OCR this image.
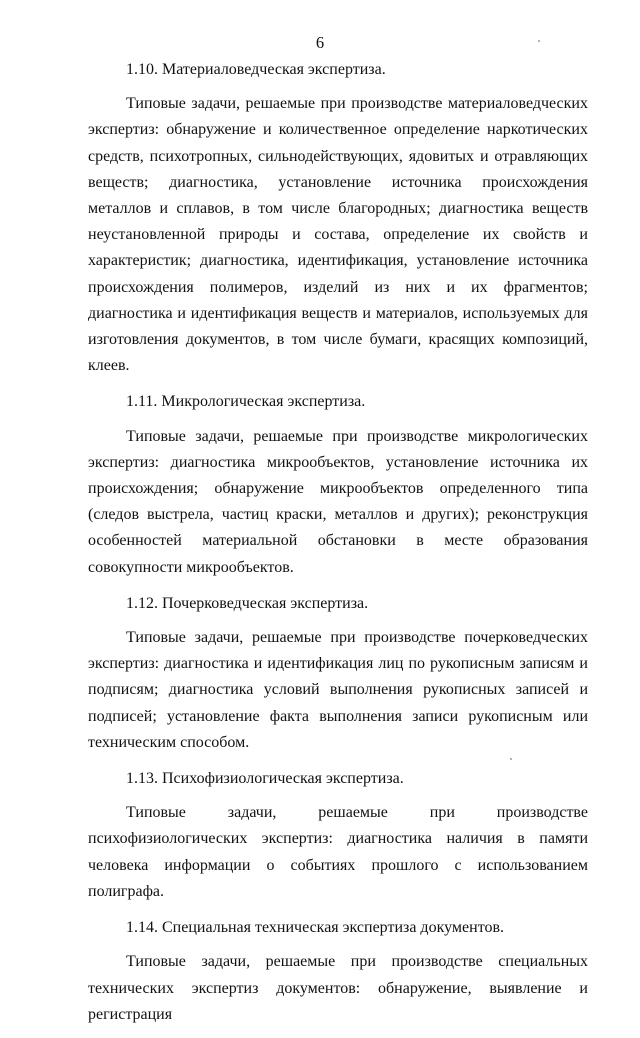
6

1.10. Материаловедческая экспертиза.

Типовые задачи, решаемые при производстве материаловедческих экспертиз: обнаружение и количественное определение наркотических средств, психотропных, сильнодействующих, ядовитых и отравляющих веществ; диагностика, установление источника происхождения металлов и сплавов, в том числе благородных; диагностика веществ неустановленной природы и состава, определение их свойств и характеристик; диагностика, идентификация, установление источника происхождения полимеров, изделий из них и их фрагментов; диагностика и идентификация веществ и материалов, используемых для изготовления документов, в том числе бумаги, красящих композиций, клеев.

1.11. Микрологическая экспертиза.

Типовые задачи, решаемые при производстве микрологических экспертиз: диагностика микрообъектов, установление источника их происхождения; обнаружение микрообъектов определенного типа (следов выстрела, частиц краски, металлов и других); реконструкция особенностей материальной обстановки в месте образования совокупности микрообъектов.

1.12. Почерковедческая экспертиза.

Типовые задачи, решаемые при производстве почерковедческих экспертиз: диагностика и идентификация лиц по рукописным записям и подписям; диагностика условий выполнения рукописных записей и подписей; установление факта выполнения записи рукописным или техническим способом.

1.13. Психофизиологическая экспертиза.

Типовые задачи, решаемые при производстве психофизиологических экспертиз: диагностика наличия в памяти человека информации о событиях прошлого с использованием полиграфа.

1.14. Специальная техническая экспертиза документов.

Типовые задачи, решаемые при производстве специальных технических экспертиз документов: обнаружение, выявление и регистрация
